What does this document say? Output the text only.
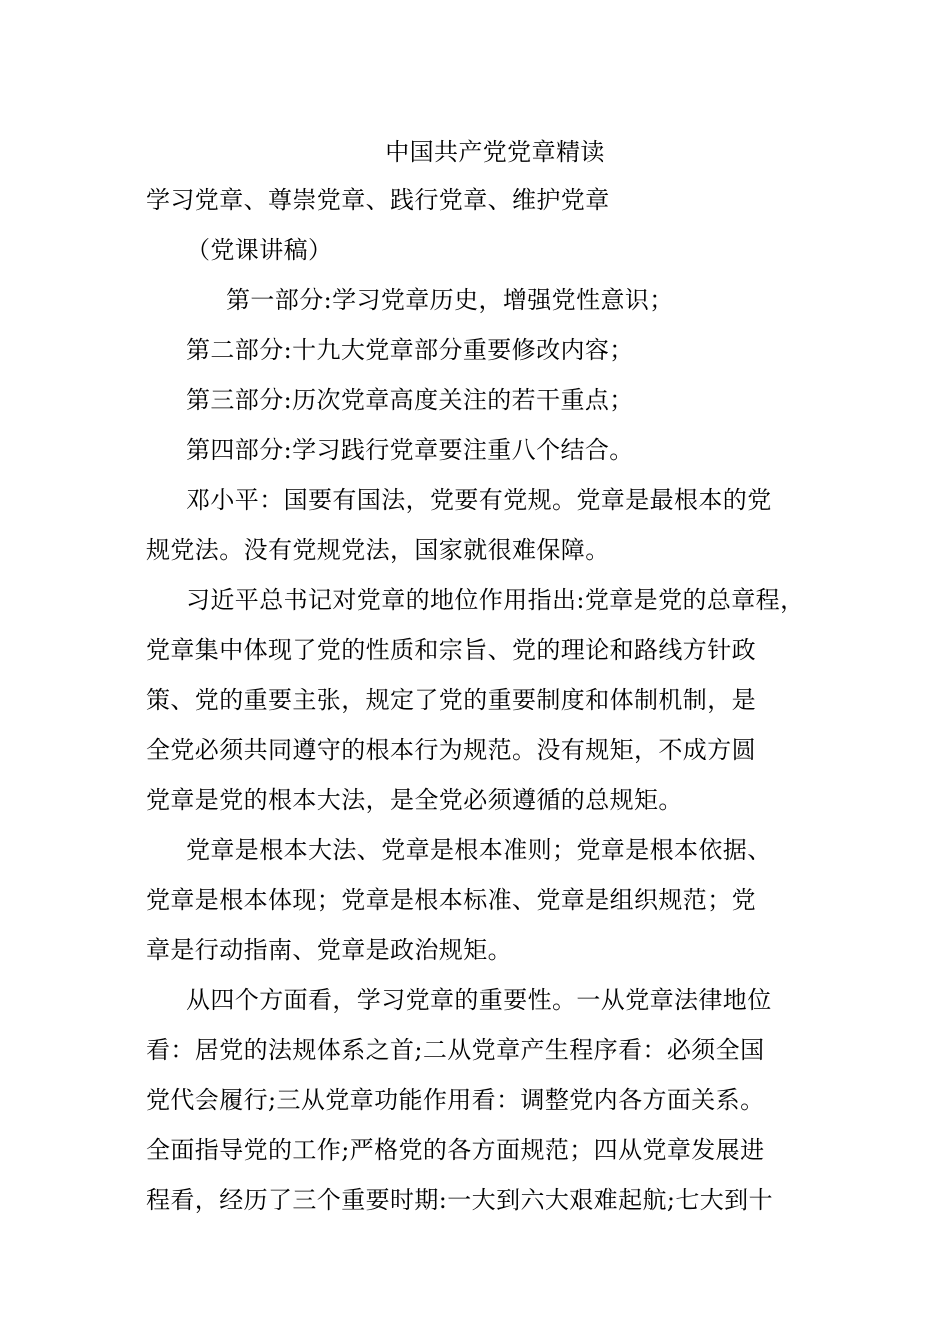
中国共产党党章精读
学习党章、尊崇党章、践行党章、维护党章
（党课讲稿）
第一部分:学习党章历史，增强党性意识；
第二部分:十九大党章部分重要修改内容；
第三部分:历次党章高度关注的若干重点；
第四部分:学习践行党章要注重八个结合。
邓小平：国要有国法，党要有党规。党章是最根本的党
规党法。没有党规党法，国家就很难保障。
习近平总书记对党章的地位作用指出:党章是党的总章程，
党章集中体现了党的性质和宗旨、党的理论和路线方针政
策、党的重要主张，规定了党的重要制度和体制机制，是
全党必须共同遵守的根本行为规范。没有规矩，不成方圆
党章是党的根本大法，是全党必须遵循的总规矩。
党章是根本大法、党章是根本准则；党章是根本依据、
党章是根本体现；党章是根本标准、党章是组织规范；党
章是行动指南、党章是政治规矩。
从四个方面看，学习党章的重要性。一从党章法律地位
看：居党的法规体系之首;二从党章产生程序看：必须全国
党代会履行;三从党章功能作用看：调整党内各方面关系。
全面指导党的工作;严格党的各方面规范；四从党章发展进
程看，经历了三个重要时期:一大到六大艰难起航;七大到十
